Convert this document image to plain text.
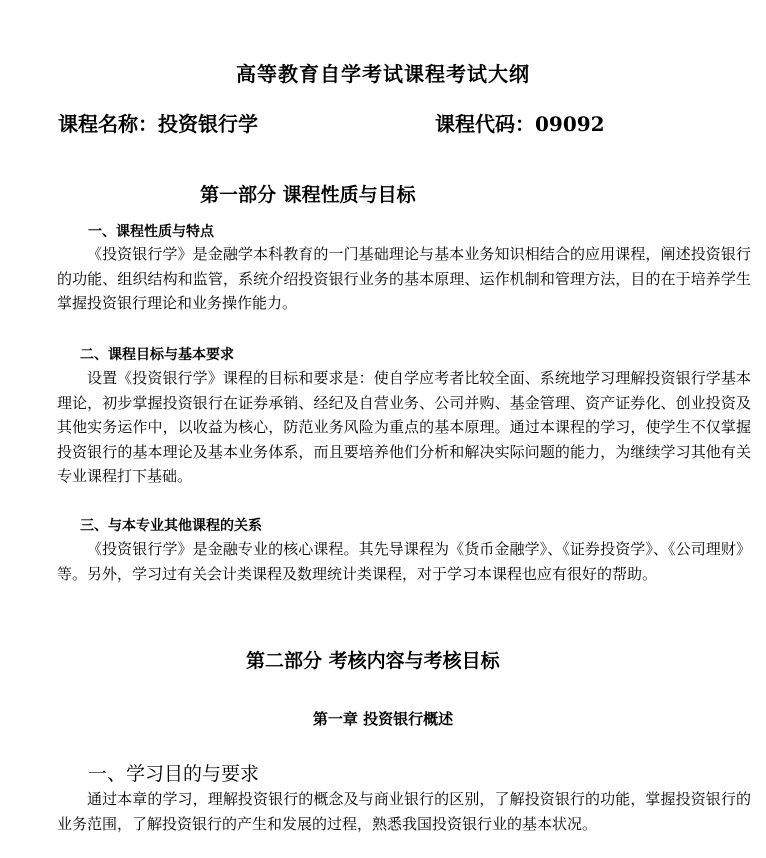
高等教育自学考试课程考试大纲
课程名称：投资银行学	课程代码：09092
第一部分 课程性质与目标
一、课程性质与特点

《投资银行学》是金融学本科教育的一门基础理论与基本业务知识相结合的应用课程，阐述投资银行的功能、组织结构和监管，系统介绍投资银行业务的基本原理、运作机制和管理方法，目的在于培养学生掌握投资银行理论和业务操作能力。

二、课程目标与基本要求

设置《投资银行学》课程的目标和要求是：使自学应考者比较全面、系统地学习理解投资银行学基本理论，初步掌握投资银行在证券承销、经纪及自营业务、公司并购、基金管理、资产证券化、创业投资及其他实务运作中，以收益为核心，防范业务风险为重点的基本原理。通过本课程的学习，使学生不仅掌握投资银行的基本理论及基本业务体系，而且要培养他们分析和解决实际问题的能力，为继续学习其他有关专业课程打下基础。

三、与本专业其他课程的关系

《投资银行学》是金融专业的核心课程。其先导课程为《货币金融学》、《证券投资学》、《公司理财》等。另外，学习过有关会计类课程及数理统计类课程，对于学习本课程也应有很好的帮助。

第二部分 考核内容与考核目标
第一章 投资银行概述
一、学习目的与要求

通过本章的学习，理解投资银行的概念及与商业银行的区别，了解投资银行的功能，掌握投资银行的业务范围，了解投资银行的产生和发展的过程，熟悉我国投资银行业的基本状况。
